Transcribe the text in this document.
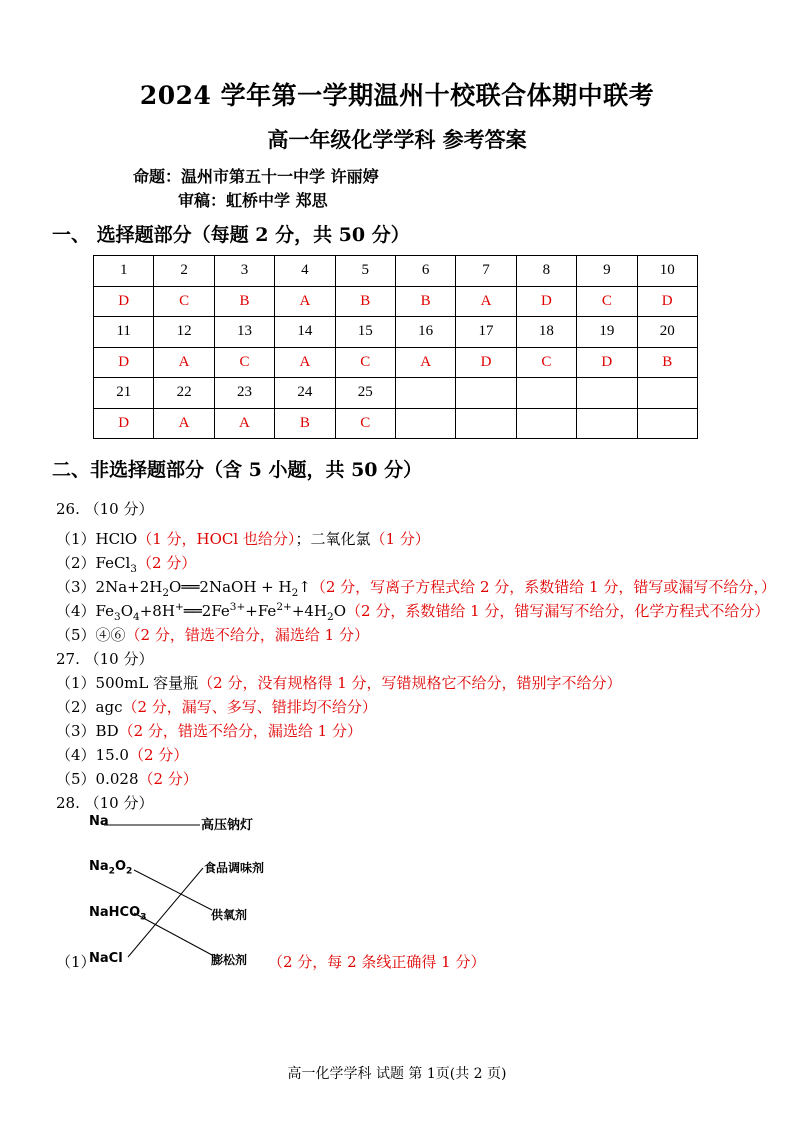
2024 学年第一学期温州十校联合体期中联考
高一年级化学学科 参考答案
命题：温州市第五十一中学 许丽婷
审稿：虹桥中学 郑思
一、 选择题部分（每题 2 分，共 50 分）
1	2	3	4	5	6	7	8	9	10
D	C	B	A	B	B	A	D	C	D
11	12	13	14	15	16	17	18	19	20
D	A	C	A	C	A	D	C	D	B
21	22	23	24	25					
D	A	A	B	C					
二、非选择题部分（含 5 小题，共 50 分）
26. （10 分）
（1）HClO（1 分，HOCl 也给分）；二氧化氯（1 分）
（2）FeCl$_3$（2 分）
$(3)2Na+2H_2O══2NaOH$ + $H_2↑(2$ 分，写离子方程式给 2 分，系数错给 1 分，错写或漏写不给分，）
$(4)Fe_3O_4+8H^+══2Fe^{3+}+Fe^{2+}+4H_2O(2$ 分，系数错给 1 分，错写漏写不给分，化学方程式不给分）
（5）④⑥（2 分，错选不给分，漏选给 1 分）
27. （10 分）
（1）500mL 容量瓶（2 分，没有规格得 1 分，写错规格它不给分，错别字不给分）
（2）agc（2 分，漏写、多写、错排均不给分）
（3）BD（2 分，错选不给分，漏选给 1 分）
（4）15.0（2 分）
（5）0.028（2 分）
28. （10 分）
Na	高压钠灯
$Na_2O_2$	食品调味剂
NaHCO$_3$	供氧剂
（1）
NaCl	膨松剂 （2 分，每 2 条线正确得 1 分）
高一化学学科 试题 第 1页(共 2 页)
